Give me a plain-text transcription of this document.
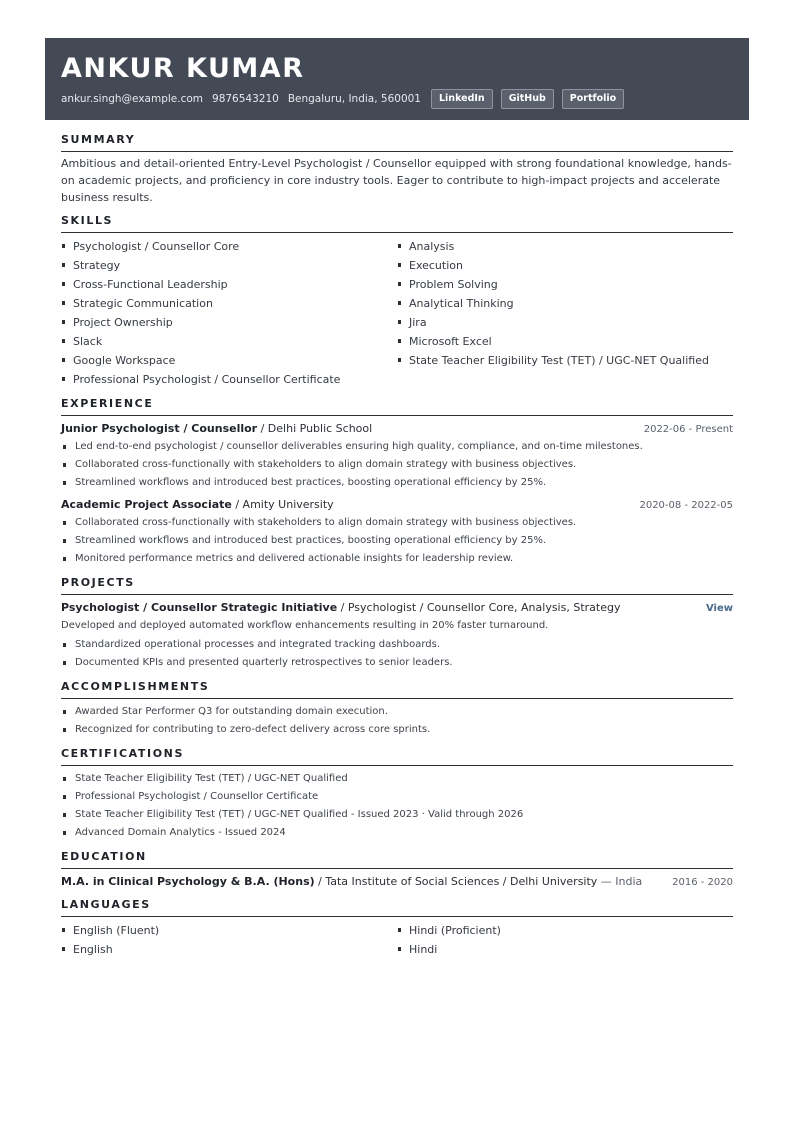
ANKUR KUMAR
ankur.singh@example.com 9876543210 Bengaluru, India, 560001	LinkedIn	GitHub	Portfolio
SUMMARY
Ambitious and detail-oriented Entry-Level Psychologist / Counsellor equipped with strong foundational knowledge, hands-on academic projects, and proficiency in core industry tools. Eager to contribute to high-impact projects and accelerate business results.
SKILLS
Psychologist / Counsellor Core
Strategy
Cross-Functional Leadership
Strategic Communication
Project Ownership
Slack
Google Workspace
Professional Psychologist / Counsellor Certificate
Analysis
Execution
Problem Solving
Analytical Thinking
Jira
Microsoft Excel
State Teacher Eligibility Test (TET) / UGC-NET Qualified
EXPERIENCE
Junior Psychologist / Counsellor / Delhi Public School	2022-06 - Present
Led end-to-end psychologist / counsellor deliverables ensuring high quality, compliance, and on-time milestones.
Collaborated cross-functionally with stakeholders to align domain strategy with business objectives.
Streamlined workflows and introduced best practices, boosting operational efficiency by 25%.
Academic Project Associate / Amity University	2020-08 - 2022-05
Collaborated cross-functionally with stakeholders to align domain strategy with business objectives.
Streamlined workflows and introduced best practices, boosting operational efficiency by 25%.
Monitored performance metrics and delivered actionable insights for leadership review.
PROJECTS
Psychologist / Counsellor Strategic Initiative / Psychologist / Counsellor Core, Analysis, Strategy	View
Developed and deployed automated workflow enhancements resulting in 20% faster turnaround.
Standardized operational processes and integrated tracking dashboards.
Documented KPIs and presented quarterly retrospectives to senior leaders.
ACCOMPLISHMENTS
Awarded Star Performer Q3 for outstanding domain execution.
Recognized for contributing to zero-defect delivery across core sprints.
CERTIFICATIONS
State Teacher Eligibility Test (TET) / UGC-NET Qualified
Professional Psychologist / Counsellor Certificate
State Teacher Eligibility Test (TET) / UGC-NET Qualified - Issued 2023 · Valid through 2026
Advanced Domain Analytics - Issued 2024
EDUCATION
M.A. in Clinical Psychology & B.A. (Hons) / Tata Institute of Social Sciences / Delhi University — India	2016 - 2020
LANGUAGES
English (Fluent)
English
Hindi (Proficient)
Hindi
